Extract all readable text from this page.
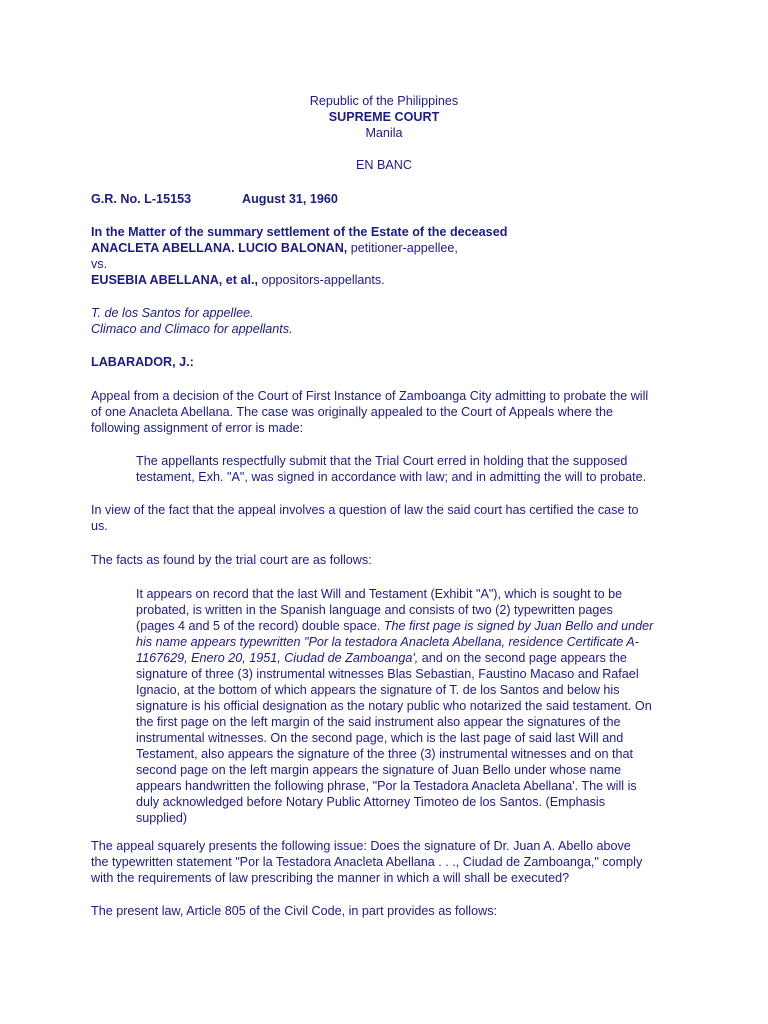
Republic of the Philippines
SUPREME COURT
Manila
EN BANC
G.R. No. L-15153	August 31, 1960
In the Matter of the summary settlement of the Estate of the deceased
ANACLETA ABELLANA. LUCIO BALONAN, petitioner-appellee,
vs.
EUSEBIA ABELLANA, et al., oppositors-appellants.
T. de los Santos for appellee.
Climaco and Climaco for appellants.
LABARADOR, J.:
Appeal from a decision of the Court of First Instance of Zamboanga City admitting to probate the will
of one Anacleta Abellana. The case was originally appealed to the Court of Appeals where the
following assignment of error is made:
The appellants respectfully submit that the Trial Court erred in holding that the supposed
testament, Exh. "A", was signed in accordance with law; and in admitting the will to probate.
In view of the fact that the appeal involves a question of law the said court has certified the case to
us.
The facts as found by the trial court are as follows:
It appears on record that the last Will and Testament (Exhibit "A"), which is sought to be
probated, is written in the Spanish language and consists of two (2) typewritten pages
(pages 4 and 5 of the record) double space. The first page is signed by Juan Bello and under
his name appears typewritten "Por la testadora Anacleta Abellana, residence Certificate A-
1167629, Enero 20, 1951, Ciudad de Zamboanga', and on the second page appears the
signature of three (3) instrumental witnesses Blas Sebastian, Faustino Macaso and Rafael
Ignacio, at the bottom of which appears the signature of T. de los Santos and below his
signature is his official designation as the notary public who notarized the said testament. On
the first page on the left margin of the said instrument also appear the signatures of the
instrumental witnesses. On the second page, which is the last page of said last Will and
Testament, also appears the signature of the three (3) instrumental witnesses and on that
second page on the left margin appears the signature of Juan Bello under whose name
appears handwritten the following phrase, "Por la Testadora Anacleta Abellana'. The will is
duly acknowledged before Notary Public Attorney Timoteo de los Santos. (Emphasis
supplied)
The appeal squarely presents the following issue: Does the signature of Dr. Juan A. Abello above
the typewritten statement "Por la Testadora Anacleta Abellana . . ., Ciudad de Zamboanga," comply
with the requirements of law prescribing the manner in which a will shall be executed?
The present law, Article 805 of the Civil Code, in part provides as follows:
